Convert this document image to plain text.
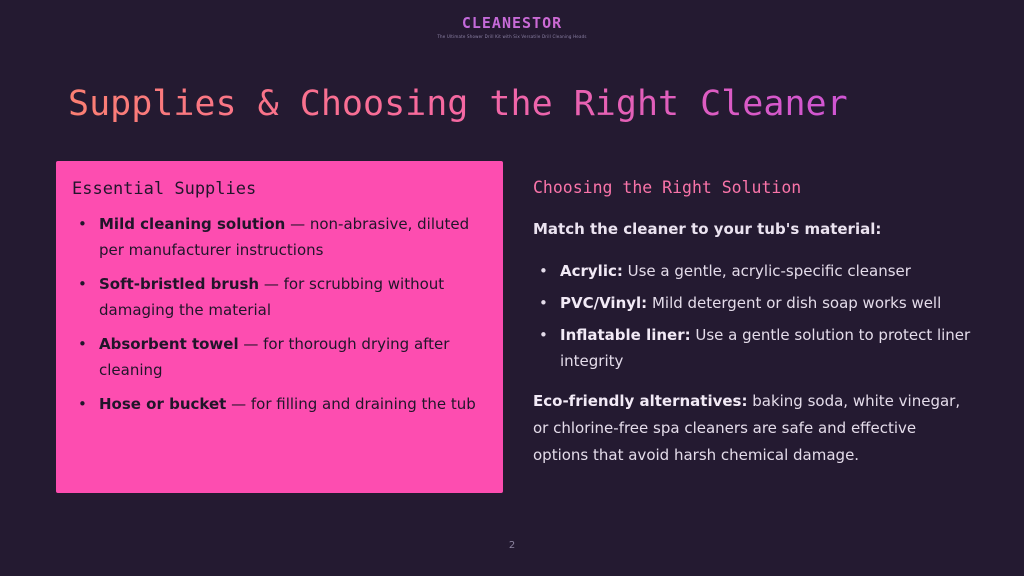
CLEANESTOR
The Ultimate Shower Drill Kit with Six Versatile Drill Cleaning Heads
Supplies & Choosing the Right Cleaner
Essential Supplies
• Mild cleaning solution — non-abrasive, diluted per manufacturer instructions
• Soft-bristled brush — for scrubbing without damaging the material
• Absorbent towel — for thorough drying after cleaning
• Hose or bucket — for filling and draining the tub
Choosing the Right Solution
Match the cleaner to your tub's material:
• Acrylic: Use a gentle, acrylic-specific cleanser
• PVC/Vinyl: Mild detergent or dish soap works well
• Inflatable liner: Use a gentle solution to protect liner integrity

Eco-friendly alternatives: baking soda, white vinegar, or chlorine-free spa cleaners are safe and effective options that avoid harsh chemical damage.

2
